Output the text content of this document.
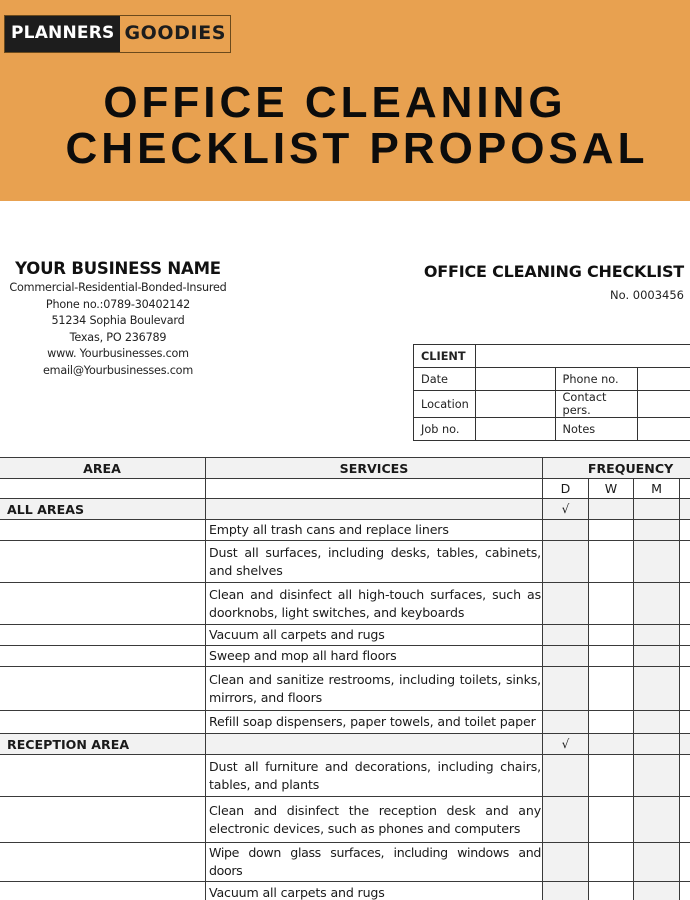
PLANNERS GOODIES
OFFICE CLEANING
CHECKLIST PROPOSAL
YOUR BUSINESS NAME
Commercial-Residential-Bonded-Insured
Phone no.:0789-30402142
51234 Sophia Boulevard
Texas, PO 236789
www. Yourbusinesses.com
email@Yourbusinesses.com
OFFICE CLEANING CHECKLIST
No. 0003456
CLIENT			
Date		Phone no.	
Location		Contact pers.	
Job no.		Notes	
AREA	SERVICES	FREQUENCY			
		D	W	M	
ALL AREAS		√			
	Empty all trash cans and replace liners				
	Dust all surfaces, including desks, tables, cabinets, and shelves				
	Clean and disinfect all high-touch surfaces, such as doorknobs, light switches, and keyboards				
	Vacuum all carpets and rugs				
	Sweep and mop all hard floors				
	Clean and sanitize restrooms, including toilets, sinks, mirrors, and floors				
	Refill soap dispensers, paper towels, and toilet paper				
RECEPTION AREA		√			
	Dust all furniture and decorations, including chairs, tables, and plants				
	Clean and disinfect the reception desk and any electronic devices, such as phones and computers				
	Wipe down glass surfaces, including windows and doors				
	Vacuum all carpets and rugs				
